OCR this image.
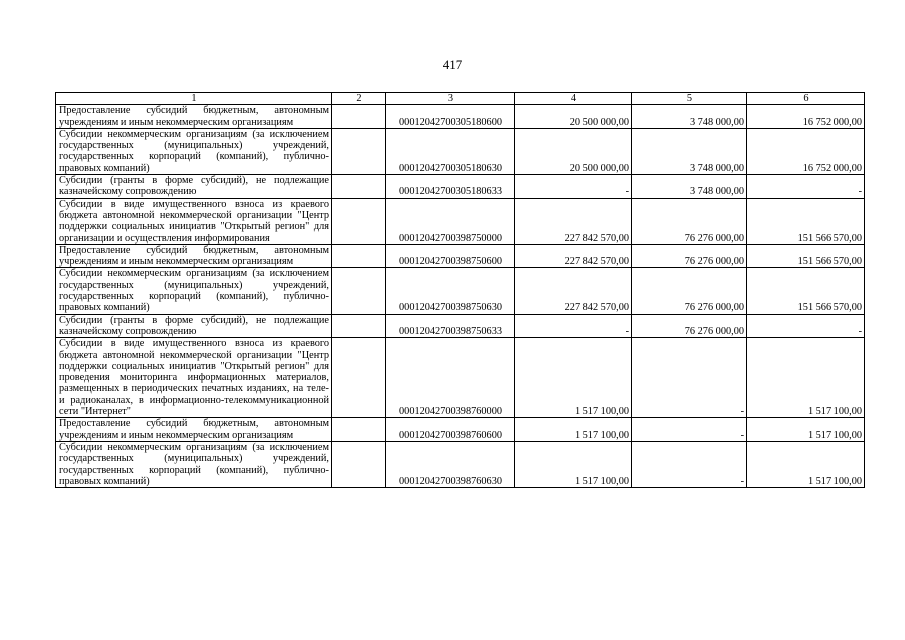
417
1	2	3	4	5	6
Предоставление субсидий бюджетным, автономным учреждениям и иным некоммерческим организациям		00012042700305180600	20 500 000,00	3 748 000,00	16 752 000,00
Субсидии некоммерческим организациям (за исключением государственных (муниципальных) учреждений, государственных корпораций (компаний), публично-правовых компаний)		00012042700305180630	20 500 000,00	3 748 000,00	16 752 000,00
Субсидии (гранты в форме субсидий), не подлежащие казначейскому сопровождению		00012042700305180633	-	3 748 000,00	-
Субсидии в виде имущественного взноса из краевого бюджета автономной некоммерческой организации "Центр поддержки социальных инициатив "Открытый регион" для организации и осуществления информирования		00012042700398750000	227 842 570,00	76 276 000,00	151 566 570,00
Предоставление субсидий бюджетным, автономным учреждениям и иным некоммерческим организациям		00012042700398750600	227 842 570,00	76 276 000,00	151 566 570,00
Субсидии некоммерческим организациям (за исключением государственных (муниципальных) учреждений, государственных корпораций (компаний), публично-правовых компаний)		00012042700398750630	227 842 570,00	76 276 000,00	151 566 570,00
Субсидии (гранты в форме субсидий), не подлежащие казначейскому сопровождению		00012042700398750633	-	76 276 000,00	-
Субсидии в виде имущественного взноса из краевого бюджета автономной некоммерческой организации "Центр поддержки социальных инициатив "Открытый регион" для проведения мониторинга информационных материалов, размещенных в периодических печатных изданиях, на теле- и радиоканалах, в информационно-телекоммуникационной сети "Интернет"		00012042700398760000	1 517 100,00	-	1 517 100,00
Предоставление субсидий бюджетным, автономным учреждениям и иным некоммерческим организациям		00012042700398760600	1 517 100,00	-	1 517 100,00
Субсидии некоммерческим организациям (за исключением государственных (муниципальных) учреждений, государственных корпораций (компаний), публично-правовых компаний)		00012042700398760630	1 517 100,00	-	1 517 100,00
